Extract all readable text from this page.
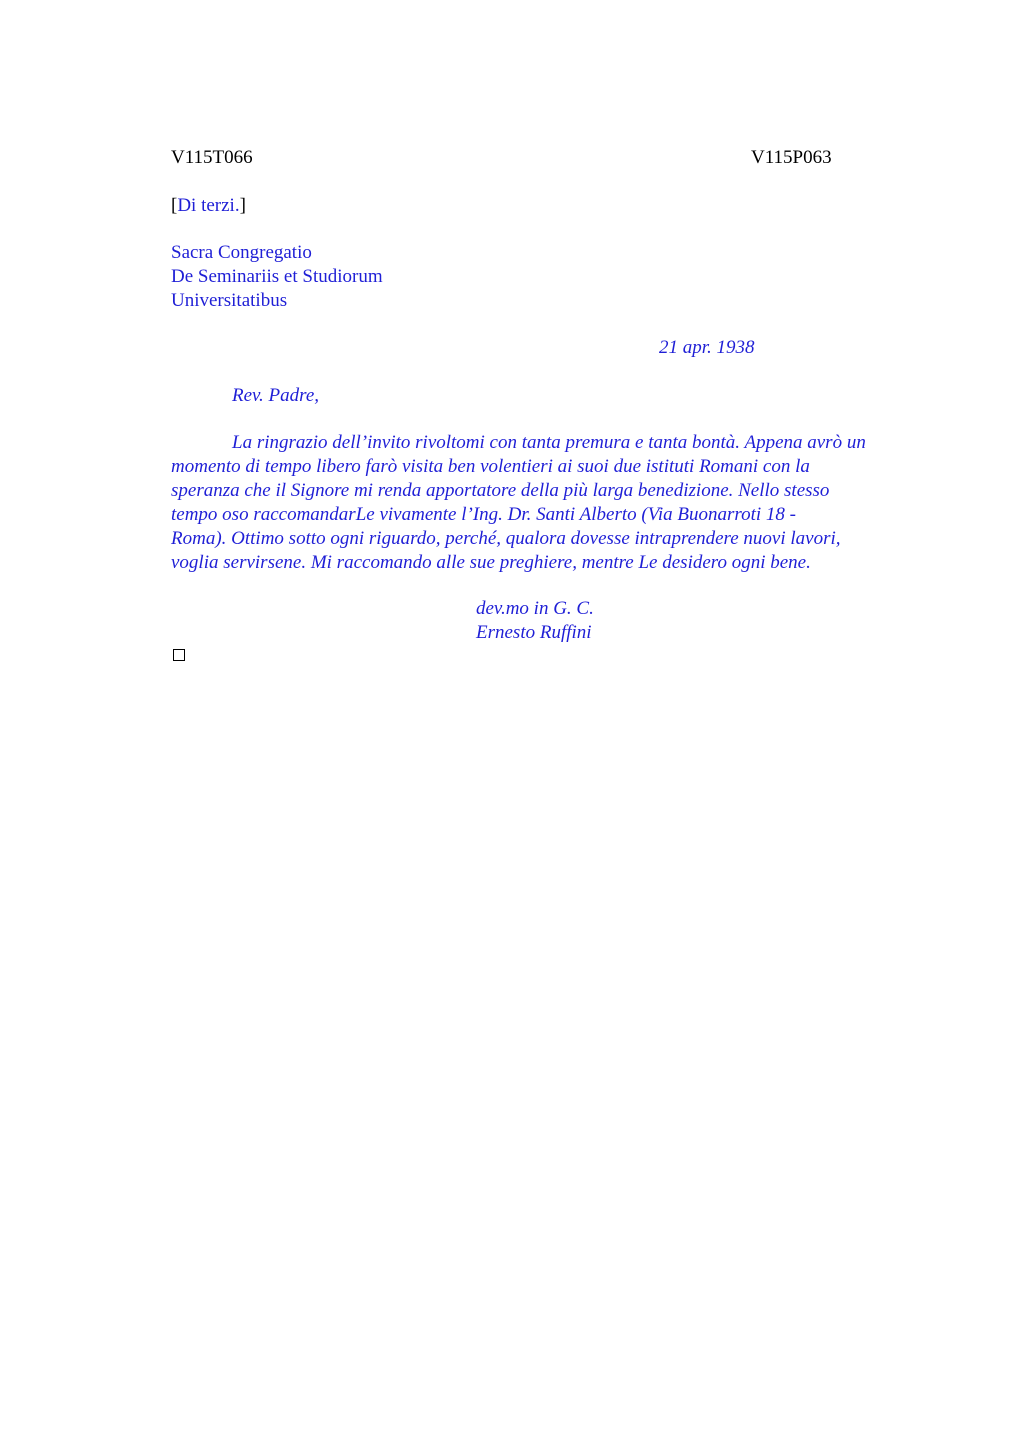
V115T066	V115P063
[Di terzi.]
Sacra Congregatio
De Seminariis et Studiorum
Universitatibus
21 apr. 1938
Rev. Padre,
La ringrazio dell’invito rivoltomi con tanta premura e tanta bontà. Appena avrò un
momento di tempo libero farò visita ben volentieri ai suoi due istituti Romani con la
speranza che il Signore mi renda apportatore della più larga benedizione. Nello stesso
tempo oso raccomandarLe vivamente l’Ing. Dr. Santi Alberto (Via Buonarroti 18 -
Roma). Ottimo sotto ogni riguardo, perché, qualora dovesse intraprendere nuovi lavori,
voglia servirsene. Mi raccomando alle sue preghiere, mentre Le desidero ogni bene.
dev.mo in G. C.
Ernesto Ruffini
